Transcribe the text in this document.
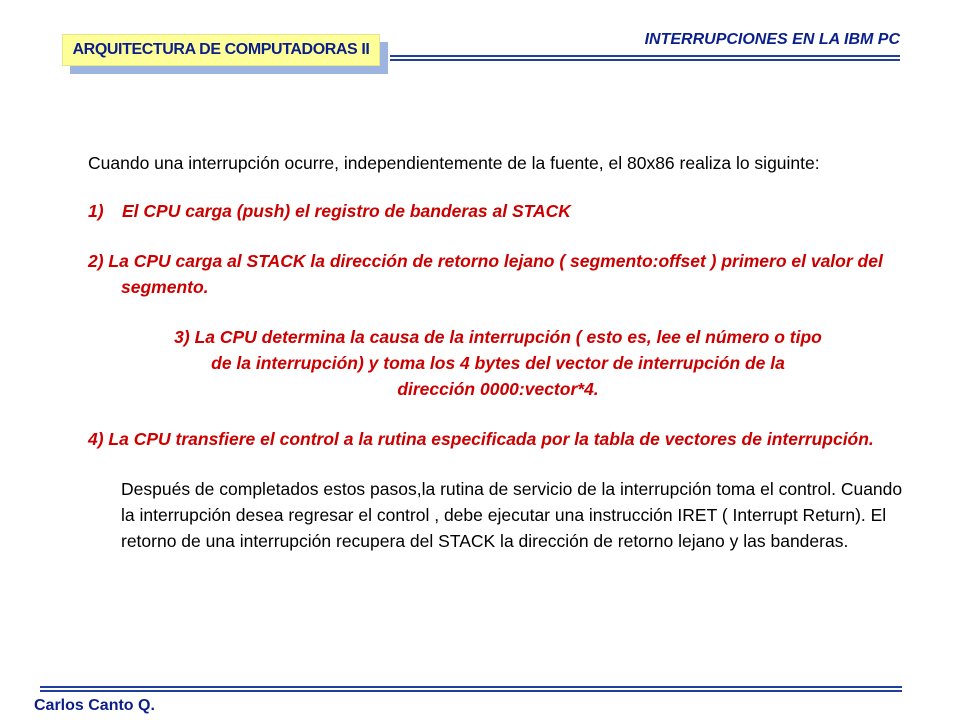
ARQUITECTURA DE COMPUTADORAS II
INTERRUPCIONES EN LA IBM PC

Cuando una interrupción ocurre, independientemente de la fuente, el 80x86 realiza lo siguinte:

1)	El CPU carga (push) el registro de banderas al STACK

2) La CPU carga al STACK la dirección de retorno lejano ( segmento:offset ) primero el valor del segmento.

3) La CPU determina la causa de la interrupción ( esto es, lee el número o tipo
de la interrupción) y toma los 4 bytes del vector de interrupción de la
dirección 0000:vector*4.

4) La CPU transfiere el control a la rutina especificada por la tabla de vectores de interrupción.

Después de completados estos pasos,la rutina de servicio de la interrupción toma el control. Cuando la interrupción desea regresar el control , debe ejecutar una instrucción IRET ( Interrupt Return). El retorno de una interrupción recupera del STACK la dirección de retorno lejano y las banderas.

Carlos Canto Q.
